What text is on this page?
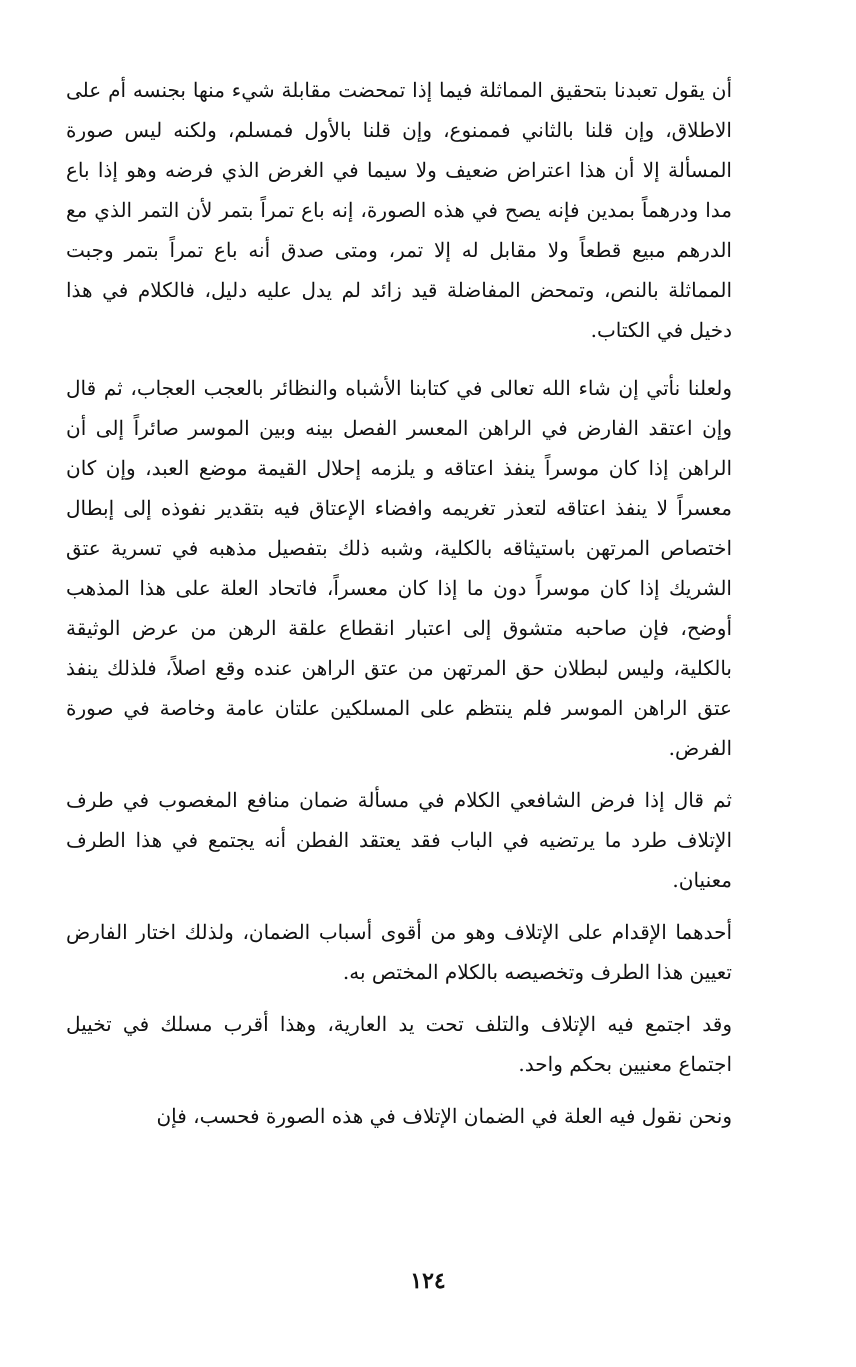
أن يقول تعبدنا بتحقيق المماثلة فيما إذا تمحضت مقابلة شيء منها بجنسه أم على الاطلاق، وإن قلنا بالثاني فممنوع، وإن قلنا بالأول فمسلم، ولكنه ليس صورة المسألة إلا أن هذا اعتراض ضعيف ولا سيما في الغرض الذي فرضه وهو إذا باع مدا ودرهماً بمدين فإنه يصح في هذه الصورة، إنه باع تمراً بتمر لأن التمر الذي مع الدرهم مبيع قطعاً ولا مقابل له إلا تمر، ومتى صدق أنه باع تمراً بتمر وجبت المماثلة بالنص، وتمحض المفاضلة قيد زائد لم يدل عليه دليل، فالكلام في هذا دخيل في الكتاب.

ولعلنا نأتي إن شاء الله تعالى في كتابنا الأشباه والنظائر بالعجب العجاب، ثم قال وإن اعتقد الفارض في الراهن المعسر الفصل بينه وبين الموسر صائراً إلى أن الراهن إذا كان موسراً ينفذ اعتاقه و يلزمه إحلال القيمة موضع العبد، وإن كان معسراً لا ينفذ اعتاقه لتعذر تغريمه وافضاء الإعتاق فيه بتقدير نفوذه إلى إبطال اختصاص المرتهن باستيثاقه بالكلية، وشبه ذلك بتفصيل مذهبه في تسرية عتق الشريك إذا كان موسراً دون ما إذا كان معسراً، فاتحاد العلة على هذا المذهب أوضح، فإن صاحبه متشوق إلى اعتبار انقطاع علقة الرهن من عرض الوثيقة بالكلية، وليس لبطلان حق المرتهن من عتق الراهن عنده وقع اصلاً، فلذلك ينفذ عتق الراهن الموسر فلم ينتظم على المسلكين علتان عامة وخاصة في صورة الفرض.

ثم قال إذا فرض الشافعي الكلام في مسألة ضمان منافع المغصوب في طرف الإتلاف طرد ما يرتضيه في الباب فقد يعتقد الفطن أنه يجتمع في هذا الطرف معنيان.

أحدهما الإقدام على الإتلاف وهو من أقوى أسباب الضمان، ولذلك اختار الفارض تعيين هذا الطرف وتخصيصه بالكلام المختص به.

وقد اجتمع فيه الإتلاف والتلف تحت يد العارية، وهذا أقرب مسلك في تخييل اجتماع معنيين بحكم واحد.

ونحن نقول فيه العلة في الضمان الإتلاف في هذه الصورة فحسب، فإن

١٢٤
